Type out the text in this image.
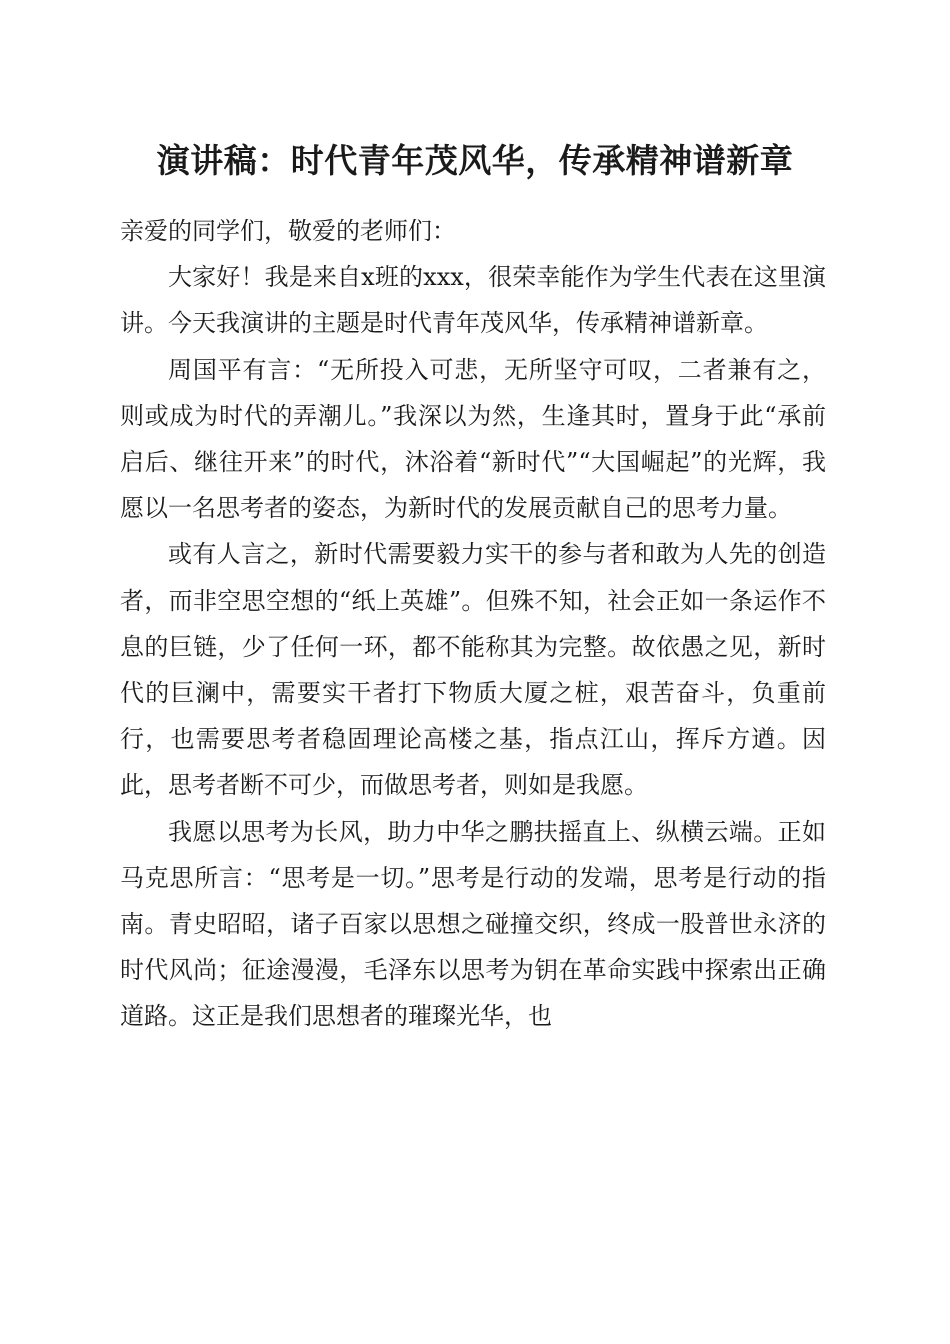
演讲稿：时代青年茂风华，传承精神谱新章

亲爱的同学们，敬爱的老师们：

大家好！我是来自x班的xxx，很荣幸能作为学生代表在这里演讲。今天我演讲的主题是时代青年茂风华，传承精神谱新章。

周国平有言：“无所投入可悲，无所坚守可叹，二者兼有之，则或成为时代的弄潮儿。”我深以为然，生逢其时，置身于此“承前启后、继往开来”的时代，沐浴着“新时代”“大国崛起”的光辉，我愿以一名思考者的姿态，为新时代的发展贡献自己的思考力量。

或有人言之，新时代需要毅力实干的参与者和敢为人先的创造者，而非空思空想的“纸上英雄”。但殊不知，社会正如一条运作不息的巨链，少了任何一环，都不能称其为完整。故依愚之见，新时代的巨澜中，需要实干者打下物质大厦之桩，艰苦奋斗，负重前行，也需要思考者稳固理论高楼之基，指点江山，挥斥方遒。因此，思考者断不可少，而做思考者，则如是我愿。

我愿以思考为长风，助力中华之鹏扶摇直上、纵横云端。正如马克思所言：“思考是一切。”思考是行动的发端，思考是行动的指南。青史昭昭，诸子百家以思想之碰撞交织，终成一股普世永济的时代风尚；征途漫漫，毛泽东以思考为钥在革命实践中探索出正确道路。这正是我们思想者的璀璨光华，也
